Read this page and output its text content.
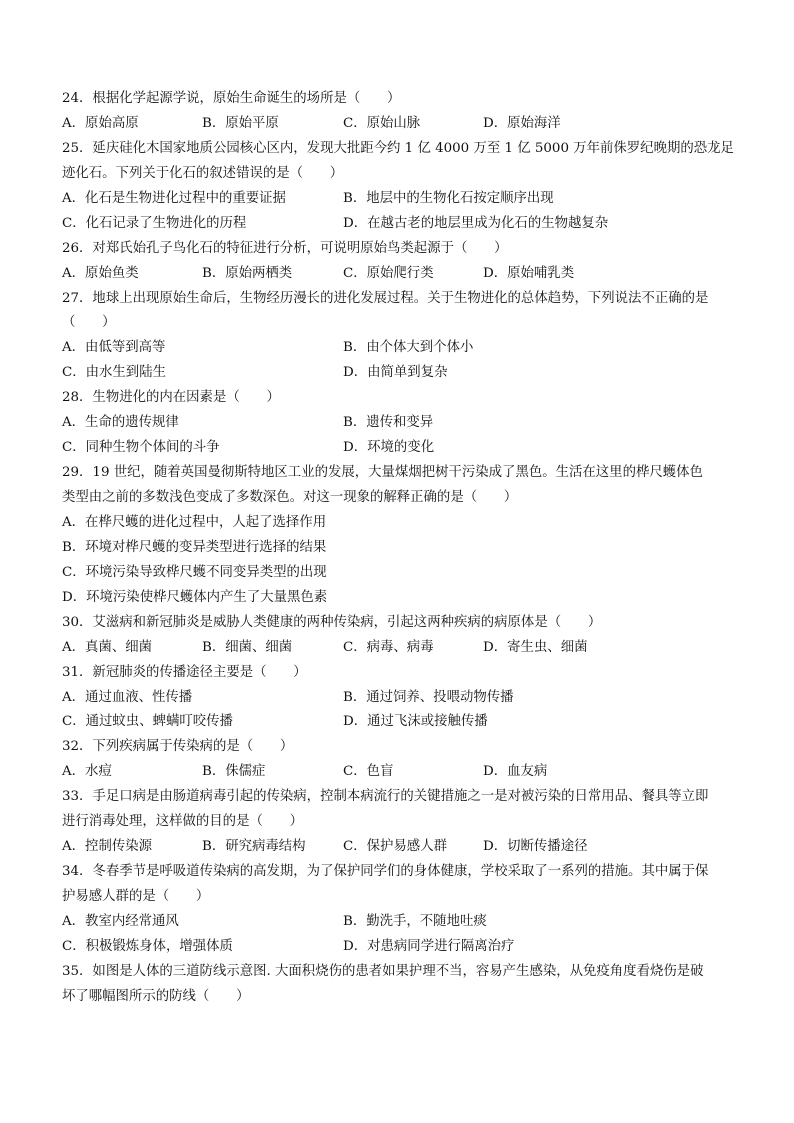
24．根据化学起源学说，原始生命诞生的场所是（　　）
A．原始高原	B．原始平原	C．原始山脉	D．原始海洋
25．延庆硅化木国家地质公园核心区内，发现大批距今约 1 亿 4000 万至 1 亿 5000 万年前侏罗纪晚期的恐龙足
迹化石。下列关于化石的叙述错误的是（　　）
A．化石是生物进化过程中的重要证据	B．地层中的生物化石按定顺序出现
C．化石记录了生物进化的历程	D．在越古老的地层里成为化石的生物越复杂
26．对郑氏始孔子鸟化石的特征进行分析，可说明原始鸟类起源于（　　）
A．原始鱼类	B．原始两栖类	C．原始爬行类	D．原始哺乳类
27．地球上出现原始生命后，生物经历漫长的进化发展过程。关于生物进化的总体趋势，下列说法不正确的是
（　　）
A．由低等到高等	B．由个体大到个体小
C．由水生到陆生	D．由简单到复杂
28．生物进化的内在因素是（　　）
A．生命的遗传规律	B．遗传和变异
C．同种生物个体间的斗争	D．环境的变化
29．19 世纪，随着英国曼彻斯特地区工业的发展，大量煤烟把树干污染成了黑色。生活在这里的桦尺蠖体色
类型由之前的多数浅色变成了多数深色。对这一现象的解释正确的是（　　）
A．在桦尺蠖的进化过程中，人起了选择作用
B．环境对桦尺蠖的变异类型进行选择的结果
C．环境污染导致桦尺蠖不同变异类型的出现
D．环境污染使桦尺蠖体内产生了大量黑色素
30．艾滋病和新冠肺炎是威胁人类健康的两种传染病，引起这两种疾病的病原体是（　　）
A．真菌、细菌	B．细菌、细菌	C．病毒、病毒	D．寄生虫、细菌
31．新冠肺炎的传播途径主要是（　　）
A．通过血液、性传播	B．通过饲养、投喂动物传播
C．通过蚊虫、蜱螨叮咬传播	D．通过飞沫或接触传播
32．下列疾病属于传染病的是（　　）
A．水痘	B．侏儒症	C．色盲	D．血友病
33．手足口病是由肠道病毒引起的传染病，控制本病流行的关键措施之一是对被污染的日常用品、餐具等立即
进行消毒处理，这样做的目的是（　　）
A．控制传染源	B．研究病毒结构	C．保护易感人群	D．切断传播途径
34．冬春季节是呼吸道传染病的高发期，为了保护同学们的身体健康，学校采取了一系列的措施。其中属于保
护易感人群的是（　　）
A．教室内经常通风	B．勤洗手，不随地吐痰
C．积极锻炼身体，增强体质	D．对患病同学进行隔离治疗
35．如图是人体的三道防线示意图. 大面积烧伤的患者如果护理不当，容易产生感染，从免疫角度看烧伤是破
坏了哪幅图所示的防线（　　）
